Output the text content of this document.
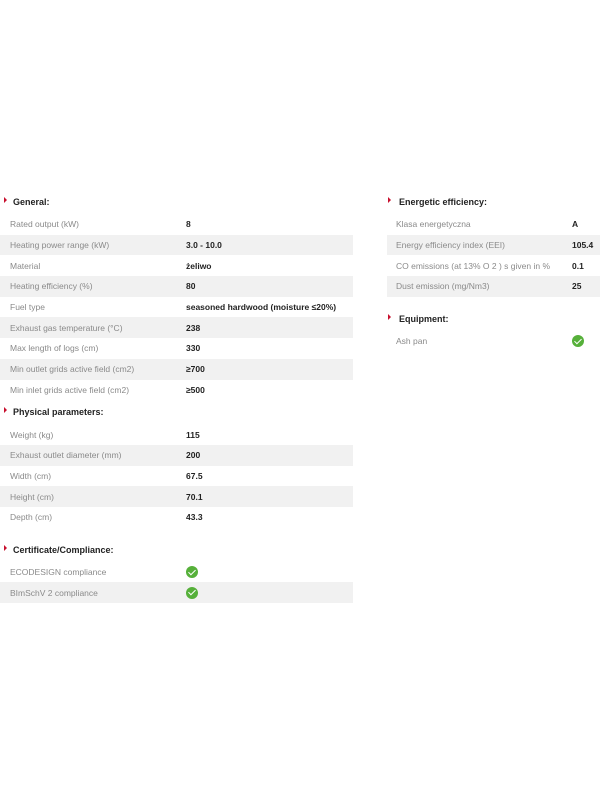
General:
Rated output (kW)	8
Heating power range (kW)	3.0 - 10.0
Material	żeliwo
Heating efficiency (%)	80
Fuel type	seasoned hardwood (moisture ≤20%)
Exhaust gas temperature (°C)	238
Max length of logs (cm)	330
Min outlet grids active field (cm2)	≥700
Min inlet grids active field (cm2)	≥500
Physical parameters:
Weight (kg)	115
Exhaust outlet diameter (mm)	200
Width (cm)	67.5
Height (cm)	70.1
Depth (cm)	43.3
Certificate/Compliance:
ECODESIGN compliance	
BImSchV 2 compliance	
Energetic efficiency:
Klasa energetyczna	A
Energy efficiency index (EEI)	105.4
CO emissions (at 13% O 2 ) s given in %	0.1
Dust emission (mg/Nm3)	25
Equipment:
Ash pan	
